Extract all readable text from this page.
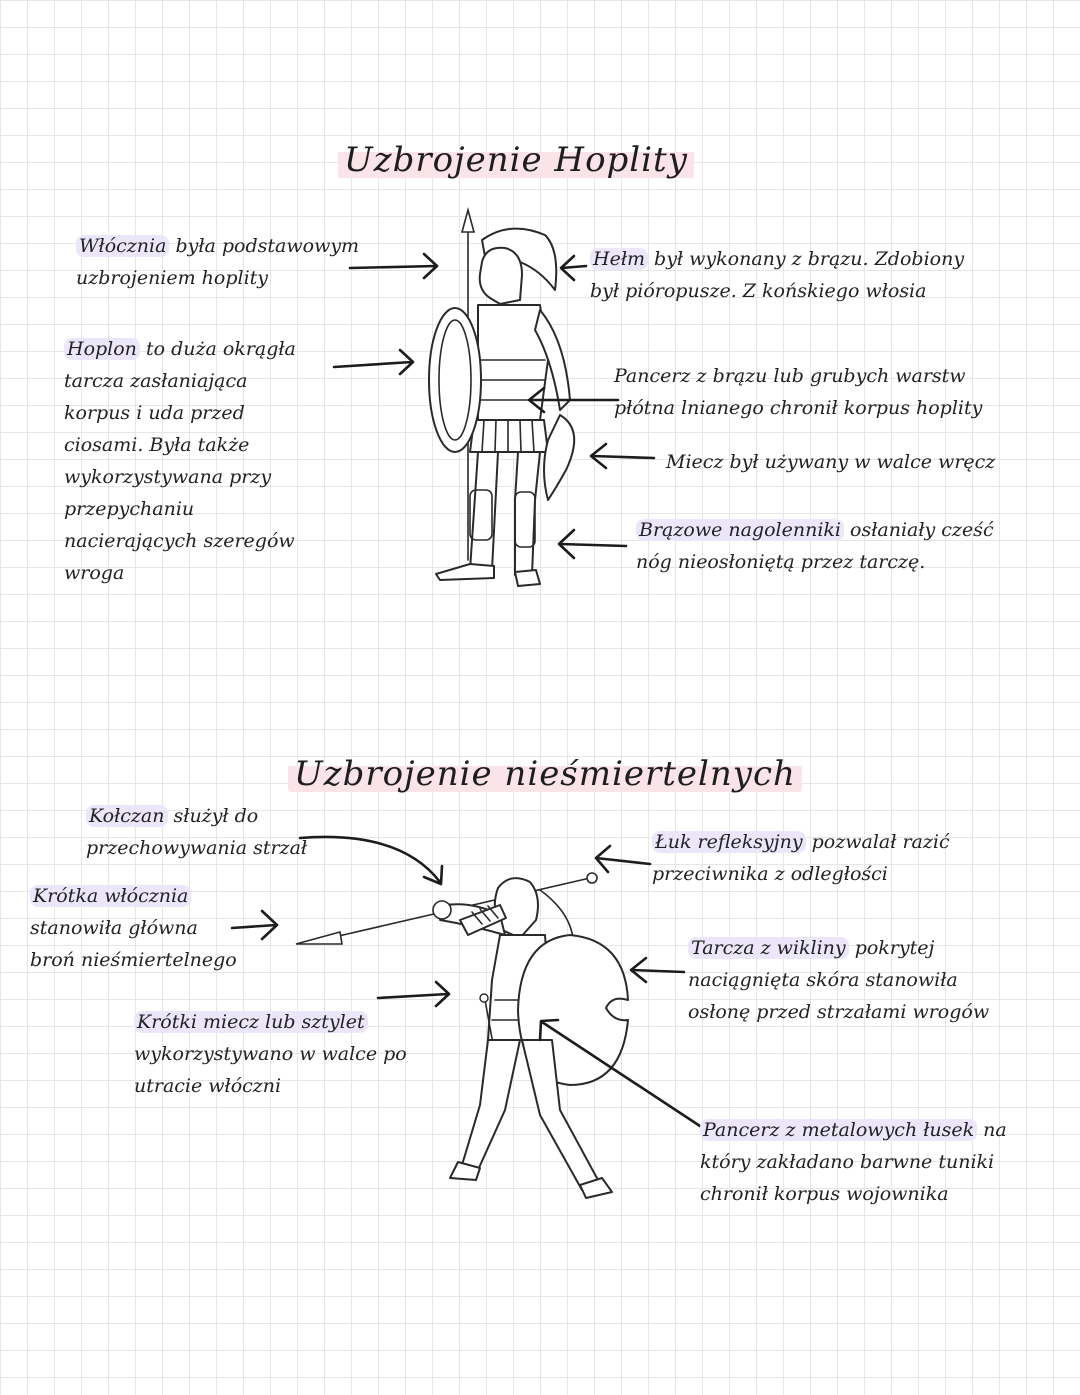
Uzbrojenie Hoplity
Włócznia była podstawowym
uzbrojeniem hoplity
Hoplon to duża okrągła
tarcza zasłaniająca
korpus i uda przed
ciosami. Była także
wykorzystywana przy
przepychaniu
nacierających szeregów
wroga
Hełm był wykonany z brązu. Zdobiony
był pióropusze. Z końskiego włosia
Pancerz z brązu lub grubych warstw
płótna lnianego chronił korpus hoplity
Miecz był używany w walce wręcz
Brązowe nagolenniki osłaniały cześć
nóg nieosłoniętą przez tarczę.
Uzbrojenie nieśmiertelnych
Kołczan służył do
przechowywania strzał
Krótka włócznia
stanowiła główna
broń nieśmiertelnego
Krótki miecz lub sztylet
wykorzystywano w walce po
utracie włóczni
Łuk refleksyjny pozwalał razić
przeciwnika z odległości
Tarcza z wikliny pokrytej
naciągnięta skóra stanowiła
osłonę przed strzałami wrogów
Pancerz z metalowych łusek na
który zakładano barwne tuniki
chronił korpus wojownika
